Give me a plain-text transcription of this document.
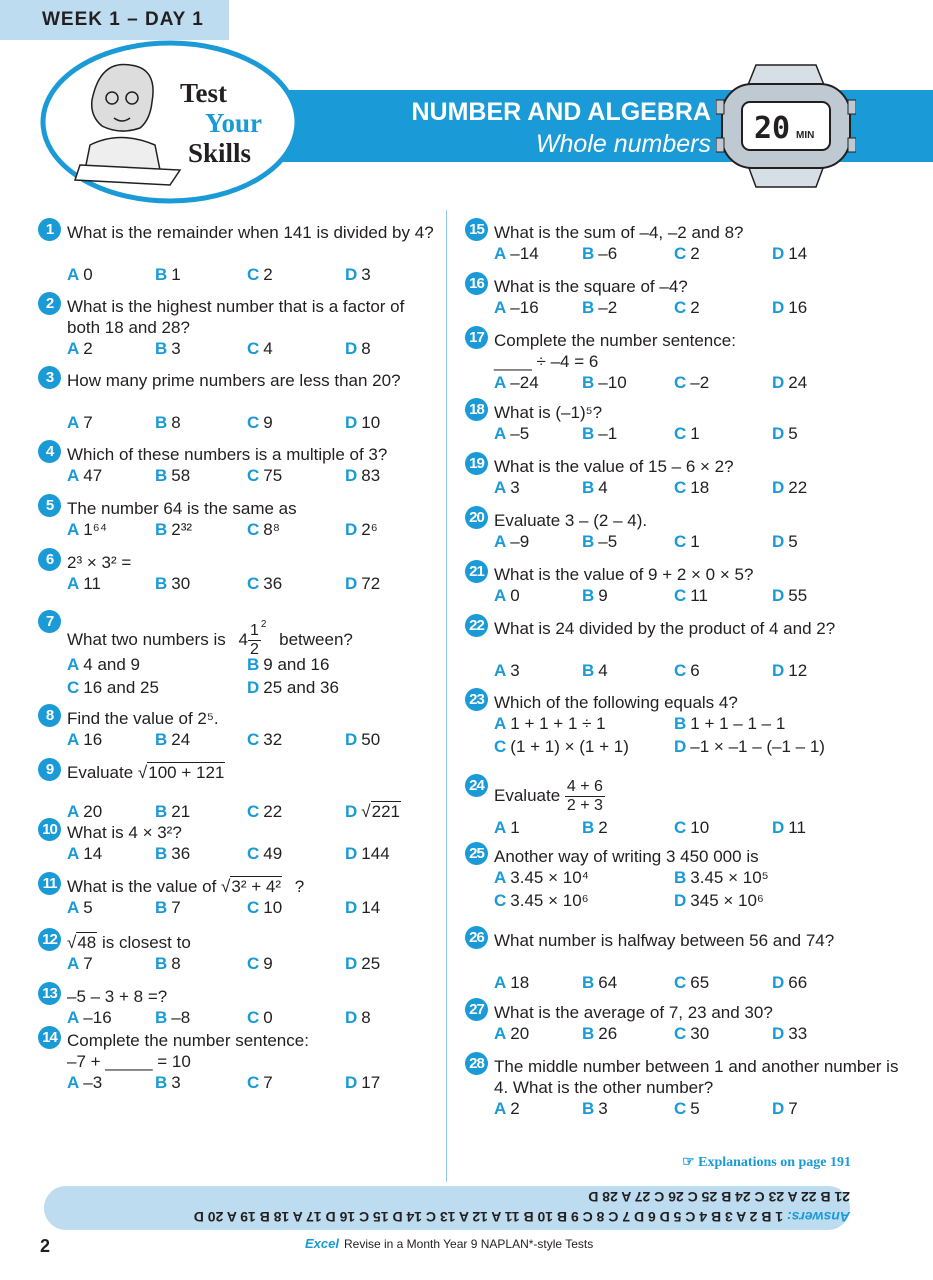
WEEK 1 – DAY 1
NUMBER AND ALGEBRA
Whole numbers
Test
Your
Skills
20 MIN
1 What is the remainder when 141 is divided by 4?
A 0	B 1	C 2	D 3
2 What is the highest number that is a factor of both 18 and 28?
A 2	B 3	C 4	D 8
3 How many prime numbers are less than 20?
A 7	B 8	C 9	D 10
4 Which of these numbers is a multiple of 3?
A 47	B 58	C 75	D 83
5 The number 64 is the same as
A 1⁶⁴	B 2³²	C 8⁸	D 2⁶
6 2³ × 3² =
A 11	B 30	C 36	D 72
7
What two numbers is $4 \frac{1}{2} ^2$ between?
A 4 and 9	B 9 and 16
C 16 and 25	D 25 and 36
8 Find the value of 2⁵.
A 16	B 24	C 32	D 50
9 Evaluate √100 + 121
A 20	B 21	C 22	D √221
10 What is 4 × 3²?
A 14	B 36	C 49	D 144
11 What is the value of √3² + 4² ?
A 5	B 7	C 10	D 14
12 √48 is closest to
A 7	B 8	C 9	D 25
13 –5 – 3 + 8 =?
A –16	B –8	C 0	D 8
14 Complete the number sentence:
–7 + _____ = 10
A –3	B 3	C 7	D 17
15 What is the sum of –4, –2 and 8?
A –14	B –6	C 2	D 14
16 What is the square of –4?
A –16	B –2	C 2	D 16
17 Complete the number sentence:
____ ÷ –4 = 6
A –24	B –10	C –2	D 24
18 What is (–1)⁵?
A –5	B –1	C 1	D 5
19 What is the value of 15 – 6 × 2?
A 3	B 4	C 18	D 22
20 Evaluate 3 – (2 – 4).
A –9	B –5	C 1	D 5
21 What is the value of 9 + 2 × 0 × 5?
A 0	B 9	C 11	D 55
22 What is 24 divided by the product of 4 and 2?
A 3	B 4	C 6	D 12
23 Which of the following equals 4?
A 1 + 1 + 1 ÷ 1	B 1 + 1 – 1 – 1
C (1 + 1) × (1 + 1)	D –1 × –1 – (–1 – 1)
24
Evaluate $\frac{4 + 6}{2 + 3}$
A 1	B 2	C 10	D 11
25 Another way of writing 3 450 000 is
A 3.45 × 10⁴	B 3.45 × 10⁵
C 3.45 × 10⁶	D 345 × 10⁶
26 What number is halfway between 56 and 74?
A 18	B 64	C 65	D 66
27 What is the average of 7, 23 and 30?
A 20	B 26	C 30	D 33
28 The middle number between 1 and another number is 4. What is the other number?
A 2	B 3	C 5	D 7
☞ Explanations on page 191
Answers: 1 B 2 A 3 B 4 C 5 D 6 D 7 C 8 C 9 B 10 B 11 A 12 A 13 C 14 D 15 C 16 D 17 A 18 B 19 A 20 D
21 B 22 A 23 C 24 B 25 C 26 C 27 A 28 D
2	Excel Revise in a Month Year 9 NAPLAN*-style Tests
